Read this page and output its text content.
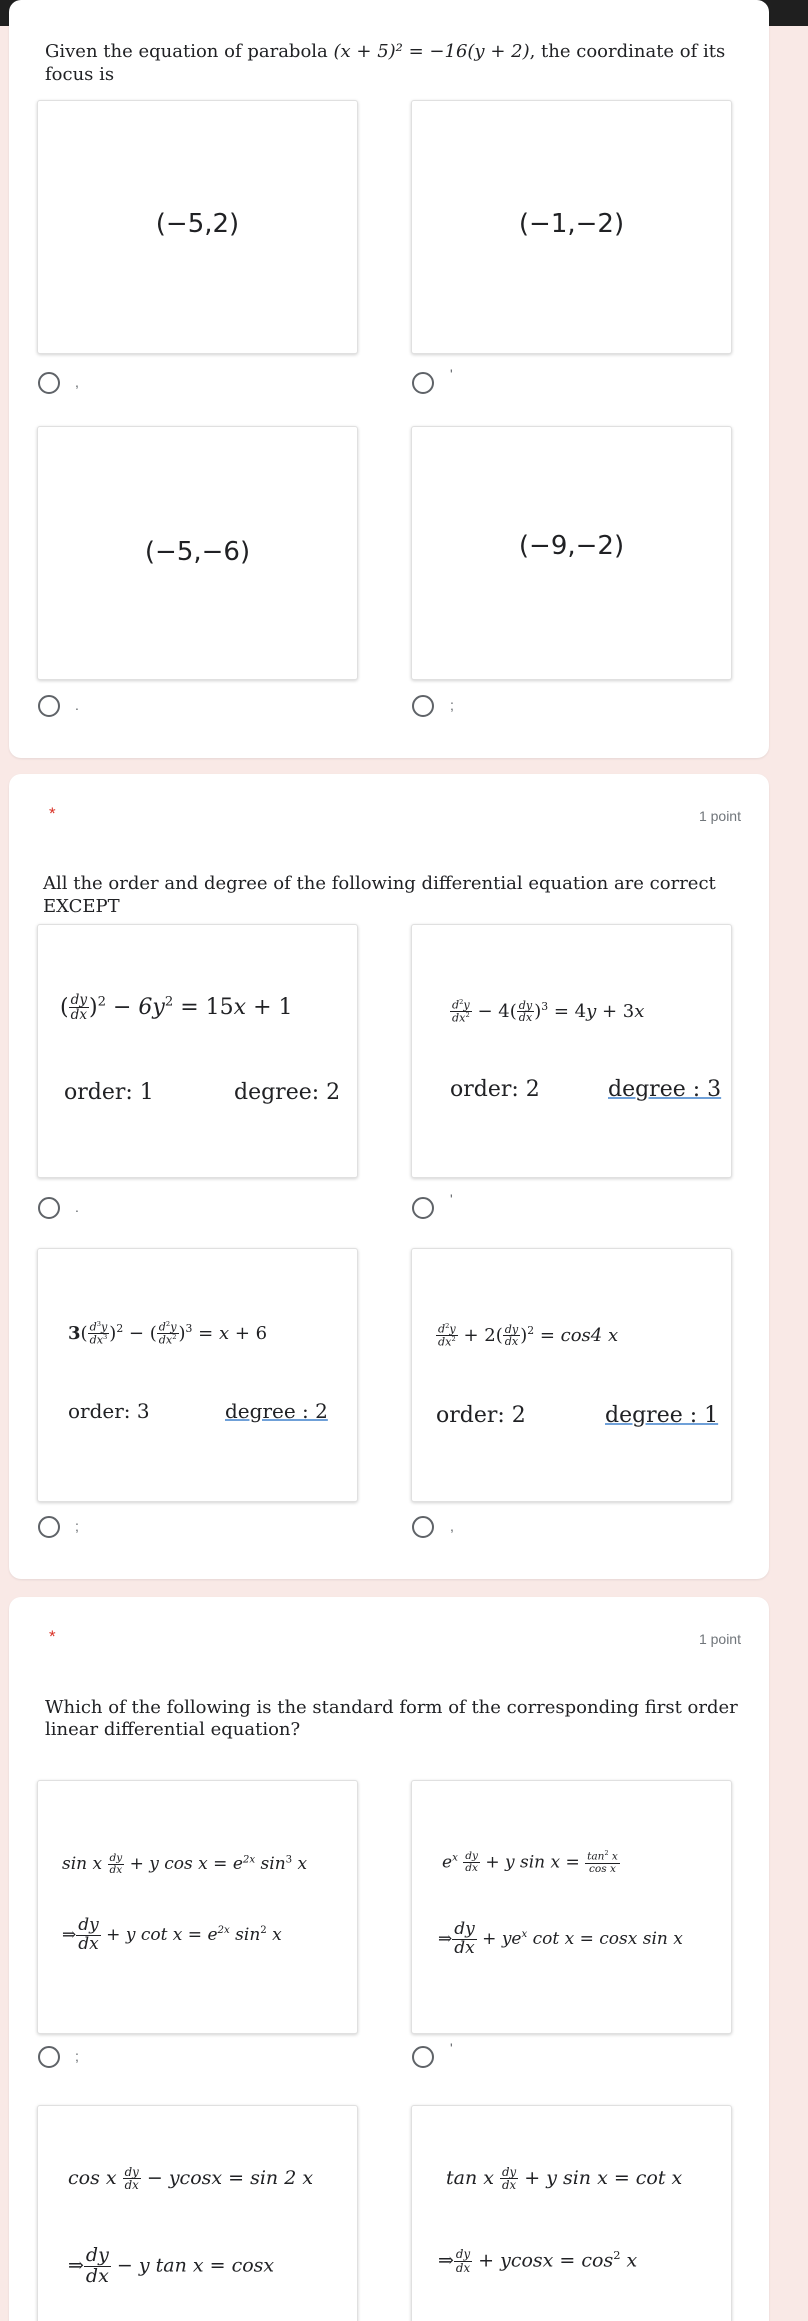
Given the equation of parabola (x + 5)² = −16(y + 2), the coordinate of its focus is
(−5,2)	(−1,−2)
,	'
(−5,−6)	(−9,−2)
.	;
*	1 point
All the order and degree of the following differential equation are correct EXCEPT
( $\frac{dy}{dx} )^2 - 6y^2 = 15x + 1$
order: 1	degree: 2
$\frac{d^2y}{dx^2} - 4( \frac{dy}{dx} )^3 = 4y + 3x$
order: 2	degree : 3
.	'
$3( \frac{d^3y}{dx^3} )^2$ − ( $\frac{d^2y}{dx^2} )^3 = x + 6$
order: 3	degree : 2
$\frac{d^2y}{dx^2} + 2( \frac{dy}{dx} )^2 = \cos 4$ x
order: 2	degree : 1
;	,
*	1 point
Which of the following is the standard form of the corresponding first order linear differential equation?
sin x $\frac{dy}{dx} + y$ $\cos x = e^{2x}$ $\sin^3 x$
⇒ $\frac{dy}{dx} + y$ $\cot x = e^{2x}$ $\sin^2 x$
$e^x \frac{dy}{dx} + y$ $\sin x = \frac{\tan^2 x}{\text{cos x}}$
⇒ $\frac{dy}{dx} + ye^x$ cot x = cosx sin x
;	'
cos x $\frac{dy}{dx} - ycosx = \sin 2$ x
⇒ $\frac{dy}{dx} - y$ tan x = cosx
tan x $\frac{dy}{dx} + y$ sin x = cot x
⇒ $\frac{dy}{dx} + ycosx = \cos^2 x$
